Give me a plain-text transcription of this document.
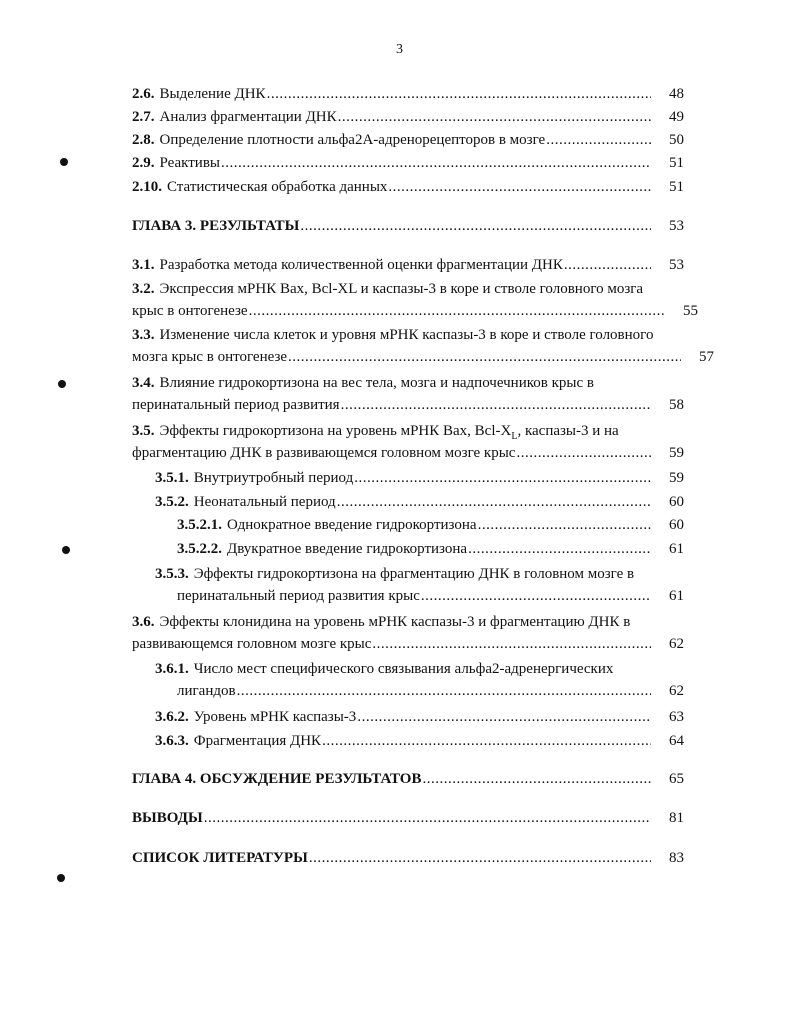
3
2.6. Выделение ДНК .....	48
2.7. Анализ фрагментации ДНК .....	49
2.8. Определение плотности альфа2А-адренорецепторов в мозге .....	50
2.9. Реактивы .....	51
2.10. Статистическая обработка данных .....	51
ГЛАВА 3. РЕЗУЛЬТАТЫ .....	53
3.1. Разработка метода количественной оценки фрагментации ДНК .....	53
3.2. Экспрессия мРНК Bax, Bcl-XL и каспазы-3 в коре и стволе головного мозга
крыс в онтогенезе .....	55
3.3. Изменение числа клеток и уровня мРНК каспазы-3 в коре и стволе головного
мозга крыс в онтогенезе .....	57
3.4. Влияние гидрокортизона на вес тела, мозга и надпочечников крыс в
перинатальный период развития .....	58
3.5. Эффекты гидрокортизона на уровень мРНК Bax, Bcl-$X_L$, каспазы-3 и на
фрагментацию ДНК в развивающемся головном мозге крыс .....	59
3.5.1. Внутриутробный период .....	59
3.5.2. Неонатальный период .....	60
3.5.2.1. Однократное введение гидрокортизона .....	60
3.5.2.2. Двукратное введение гидрокортизона .....	61
3.5.3. Эффекты гидрокортизона на фрагментацию ДНК в головном мозге в
перинатальный период развития крыс .....	61
3.6. Эффекты клонидина на уровень мРНК каспазы-3 и фрагментацию ДНК в
развивающемся головном мозге крыс .....	62
3.6.1. Число мест специфического связывания альфа2-адренергических
лигандов .....	62
3.6.2. Уровень мРНК каспазы-3 .....	63
3.6.3. Фрагментация ДНК .....	64
ГЛАВА 4. ОБСУЖДЕНИЕ РЕЗУЛЬТАТОВ .....	65
ВЫВОДЫ .....	81
СПИСОК ЛИТЕРАТУРЫ .....	83
